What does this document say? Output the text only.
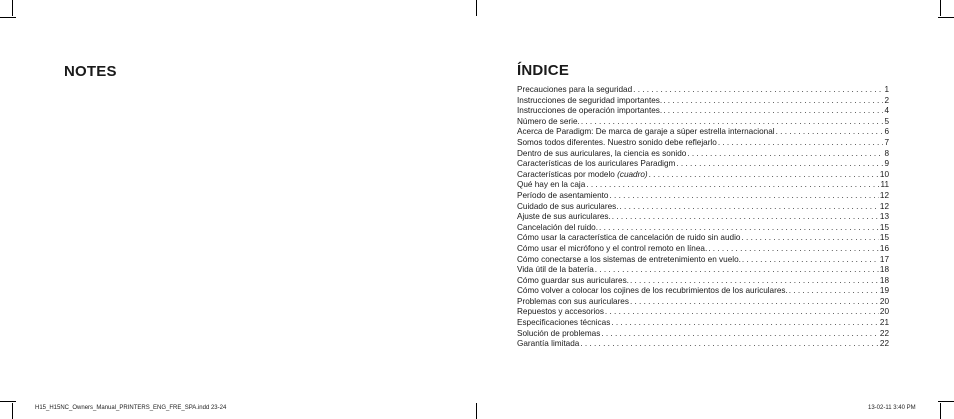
NOTES	ÍNDICE
Precauciones para la seguridad . . .	1
Instrucciones de seguridad importantes. . . .	2
Instrucciones de operación importantes. . . .	4
Número de serie. . . .	5
Acerca de Paradigm: De marca de garaje a súper estrella internacional . . .	6
Somos todos diferentes. Nuestro sonido debe reflejarlo . . .	7
Dentro de sus auriculares, la ciencia es sonido . . .	8
Características de los auriculares Paradigm . . .	9
Características por modelo (cuadro) . . .	10
Qué hay en la caja . . .	11
Período de asentamiento . . .	12
Cuidado de sus auriculares. . . .	12
Ajuste de sus auriculares. . . .	13
Cancelación del ruido. . . .	15
Cómo usar la característica de cancelación de ruido sin audio . . .	15
Cómo usar el micrófono y el control remoto en línea. . . .	16
Cómo conectarse a los sistemas de entretenimiento en vuelo. . . .	17
Vida útil de la batería . . .	18
Cómo guardar sus auriculares. . . .	18
Cómo volver a colocar los cojines de los recubrimientos de los auriculares. . . .	19
Problemas con sus auriculares . . .	20
Repuestos y accesorios . . .	20
Especificaciones técnicas . . .	21
Solución de problemas . . .	22
Garantía limitada . . .	22
H15_H15NC_Owners_Manual_PRINTERS_ENG_FRE_SPA.indd 23-24	13-02-11 3:40 PM
